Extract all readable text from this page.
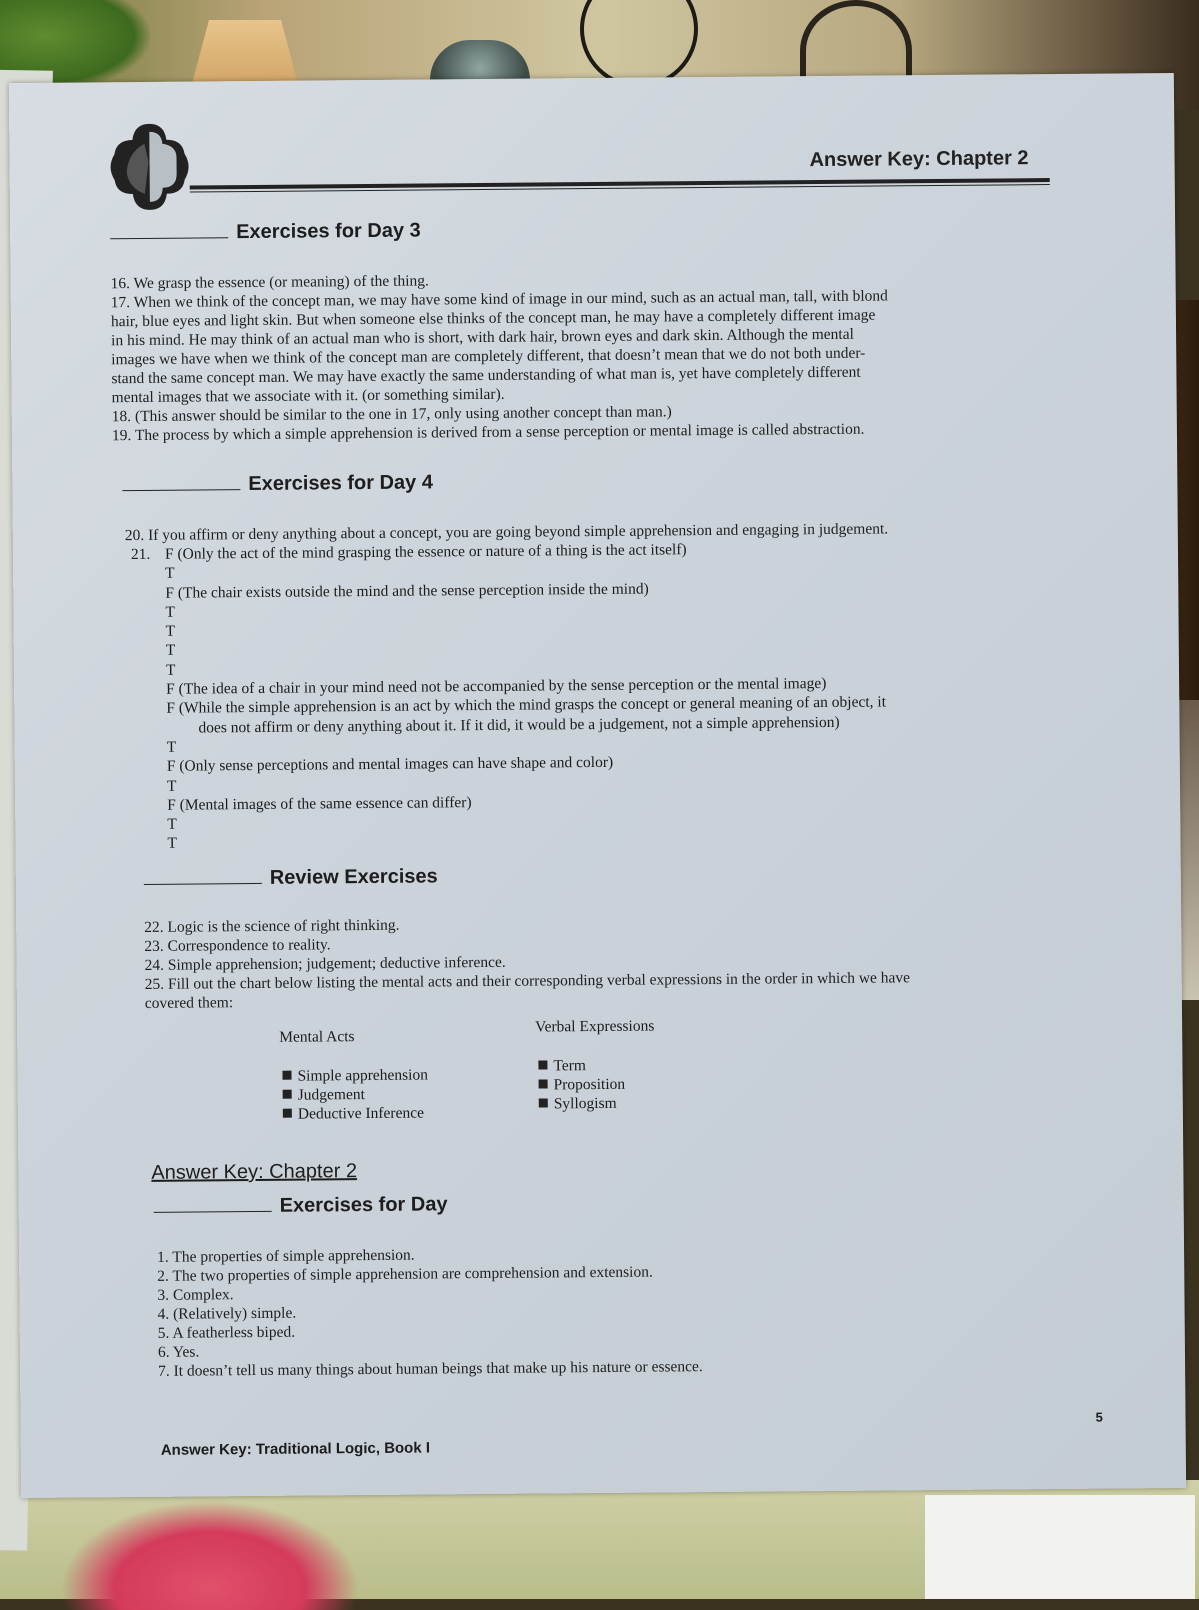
Answer Key: Chapter 2
Exercises for Day 3

16. We grasp the essence (or meaning) of the thing.

17. When we think of the concept man, we may have some kind of image in our mind, such as an actual man, tall, with blond

hair, blue eyes and light skin. But when someone else thinks of the concept man, he may have a completely different image

in his mind. He may think of an actual man who is short, with dark hair, brown eyes and dark skin. Although the mental

images we have when we think of the concept man are completely different, that doesn’t mean that we do not both under-

stand the same concept man. We may have exactly the same understanding of what man is, yet have completely different

mental images that we associate with it. (or something similar).

18. (This answer should be similar to the one in 17, only using another concept than man.)

19. The process by which a simple apprehension is derived from a sense perception or mental image is called abstraction.

Exercises for Day 4

20. If you affirm or deny anything about a concept, you are going beyond simple apprehension and engaging in judgement.

21. F (Only the act of the mind grasping the essence or nature of a thing is the act itself)

T

F (The chair exists outside the mind and the sense perception inside the mind)

T

T

T

T

F (The idea of a chair in your mind need not be accompanied by the sense perception or the mental image)

F (While the simple apprehension is an act by which the mind grasps the concept or general meaning of an object, it

does not affirm or deny anything about it. If it did, it would be a judgement, not a simple apprehension)

T

F (Only sense perceptions and mental images can have shape and color)

T

F (Mental images of the same essence can differ)

T

T

Review Exercises

22. Logic is the science of right thinking.

23. Correspondence to reality.

24. Simple apprehension; judgement; deductive inference.

25. Fill out the chart below listing the mental acts and their corresponding verbal expressions in the order in which we have

covered them:

Mental Acts
Verbal Expressions

Simple apprehension

Judgement

Deductive Inference

Term

Proposition

Syllogism

Answer Key: Chapter 2
Exercises for Day

1. The properties of simple apprehension.

2. The two properties of simple apprehension are comprehension and extension.

3. Complex.

4. (Relatively) simple.

5. A featherless biped.

6. Yes.

7. It doesn’t tell us many things about human beings that make up his nature or essence.

Answer Key: Traditional Logic, Book I
5
